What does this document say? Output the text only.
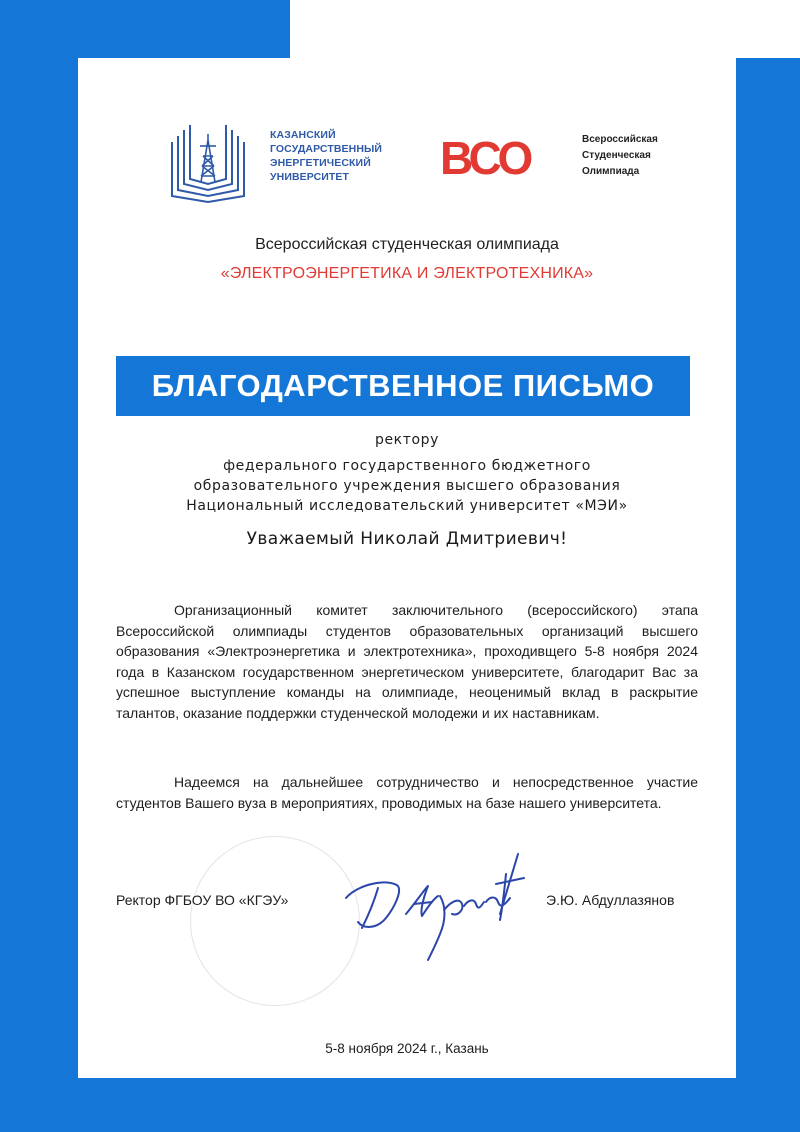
КАЗАНСКИЙ
ГОСУДАРСТВЕННЫЙ
ЭНЕРГЕТИЧЕСКИЙ
УНИВЕРСИТЕТ	ВСО	Всероссийская
Студенческая
Олимпиада
Всероссийская студенческая олимпиада
«ЭЛЕКТРОЭНЕРГЕТИКА И ЭЛЕКТРОТЕХНИКА»
БЛАГОДАРСТВЕННОЕ ПИСЬМО
ректору
федерального государственного бюджетного
образовательного учреждения высшего образования
Национальный исследовательский университет «МЭИ»
Уважаемый Николай Дмитриевич!

Организационный комитет заключительного (всероссийского) этапа Всероссийской олимпиады студентов образовательных организаций высшего образования «Электроэнергетика и электротехника», проходивщего 5-8 ноября 2024 года в Казанском государственном энергетическом университете, благодарит Вас за успешное выступление команды на олимпиаде, неоценимый вклад в раскрытие талантов, оказание поддержки студенческой молодежи и их наставникам.

Надеемся на дальнейшее сотрудничество и непосредственное участие студентов Вашего вуза в мероприятиях, проводимых на базе нашего университета.

Ректор ФГБОУ ВО «КГЭУ»	Э.Ю. Абдуллазянов
5-8 ноября 2024 г., Казань
